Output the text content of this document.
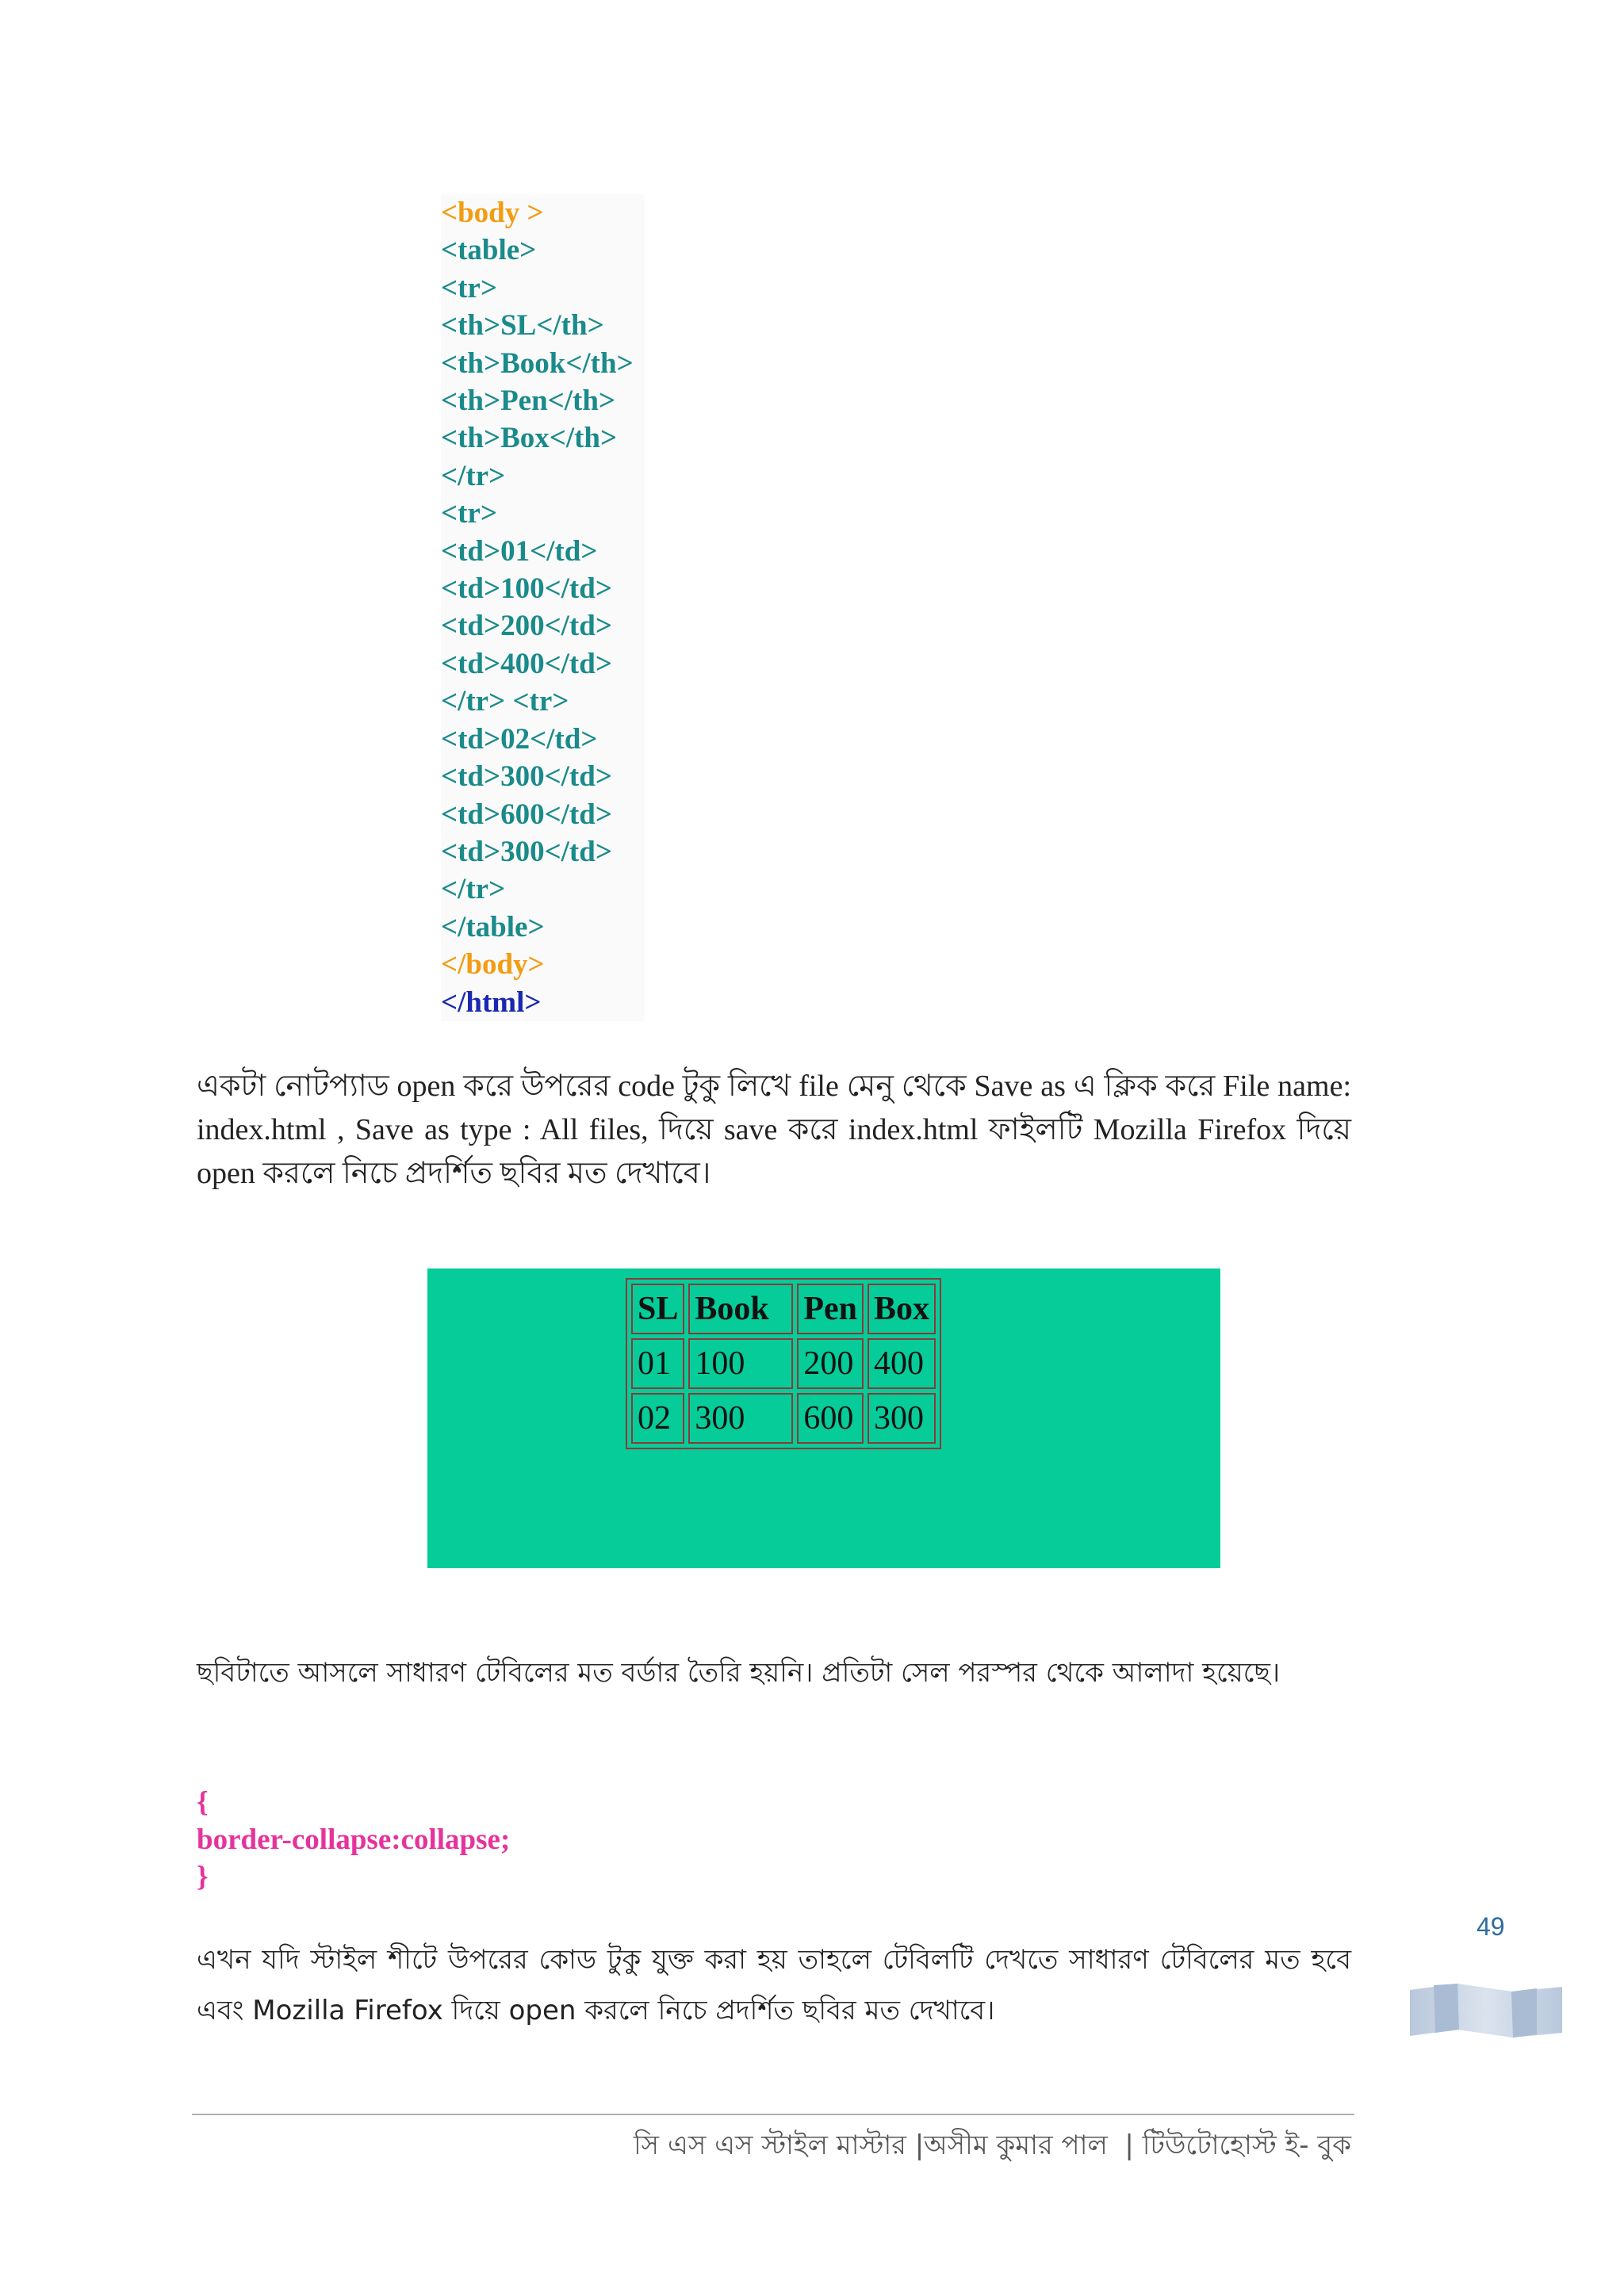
<body >
<table>
<tr>
<th>SL</th>
<th>Book</th>
<th>Pen</th>
<th>Box</th>
</tr>
<tr>
<td>01</td>
<td>100</td>
<td>200</td>
<td>400</td>
</tr> <tr>
<td>02</td>
<td>300</td>
<td>600</td>
<td>300</td>
</tr>
</table>
</body>
</html>
একটা নোটপ্যাড open করে উপরের code টুকু লিখে file মেনু থেকে Save as এ ক্লিক করে File name: index.html , Save as type : All files, দিয়ে save করে index.html ফাইলটি Mozilla Firefox দিয়ে open করলে নিচে প্রদর্শিত ছবির মত দেখাবে।
SL	Book	Pen	Box
01	100	200	400
02	300	600	300
ছবিটাতে আসলে সাধারণ টেবিলের মত বর্ডার তৈরি হয়নি। প্রতিটা সেল পরস্পর থেকে আলাদা হয়েছে।
{
border-collapse:collapse;
}
49
এখন যদি স্টাইল শীটে উপরের কোড টুকু যুক্ত করা হয় তাহলে টেবিলটি দেখতে সাধারণ টেবিলের মত হবে এবং Mozilla Firefox দিয়ে open করলে নিচে প্রদর্শিত ছবির মত দেখাবে।
সি এস এস স্টাইল মাস্টার |অসীম কুমার পাল  | টিউটোহোস্ট ই- বুক
